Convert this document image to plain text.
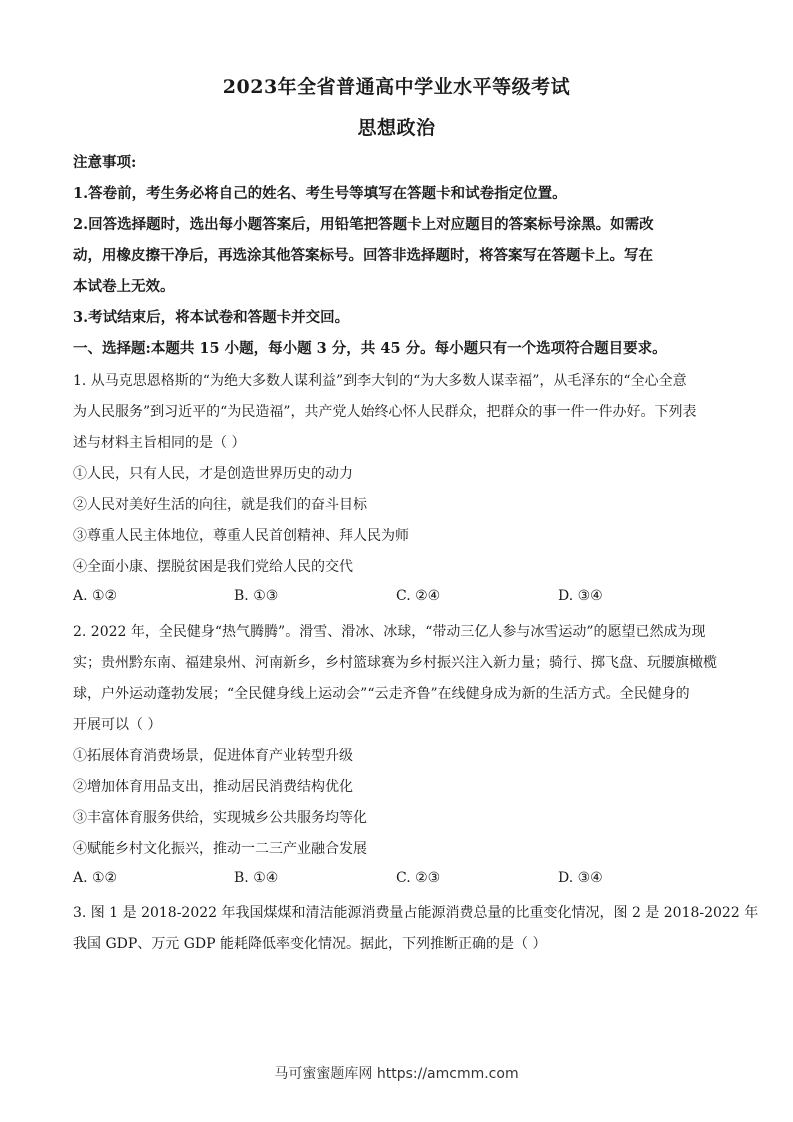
2023年全省普通高中学业水平等级考试
思想政治
注意事项:
1.答卷前，考生务必将自己的姓名、考生号等填写在答题卡和试卷指定位置。
2.回答选择题时，选出每小题答案后，用铅笔把答题卡上对应题目的答案标号涂黑。如需改
动，用橡皮擦干净后，再选涂其他答案标号。回答非选择题时，将答案写在答题卡上。写在
本试卷上无效。
3.考试结束后，将本试卷和答题卡并交回。
一、选择题:本题共 15 小题，每小题 3 分，共 45 分。每小题只有一个选项符合题目要求。
1. 从马克思恩格斯的“为绝大多数人谋利益”到李大钊的“为大多数人谋幸福”，从毛泽东的“全心全意
为人民服务”到习近平的“为民造福”，共产党人始终心怀人民群众，把群众的事一件一件办好。下列表
述与材料主旨相同的是（ ）
①人民，只有人民，才是创造世界历史的动力
②人民对美好生活的向往，就是我们的奋斗目标
③尊重人民主体地位，尊重人民首创精神、拜人民为师
④全面小康、摆脱贫困是我们党给人民的交代
A. ①②	B. ①③	C. ②④	D. ③④
2. 2022 年，全民健身“热气腾腾”。滑雪、滑冰、冰球，“带动三亿人参与冰雪运动”的愿望已然成为现
实；贵州黔东南、福建泉州、河南新乡，乡村篮球赛为乡村振兴注入新力量；骑行、掷飞盘、玩腰旗橄榄
球，户外运动蓬勃发展；“全民健身线上运动会”“云走齐鲁”在线健身成为新的生活方式。全民健身的
开展可以（ ）
①拓展体育消费场景，促进体育产业转型升级
②增加体育用品支出，推动居民消费结构优化
③丰富体育服务供给，实现城乡公共服务均等化
④赋能乡村文化振兴，推动一二三产业融合发展
A. ①②	B. ①④	C. ②③	D. ③④
3. 图 1 是 2018-2022 年我国煤煤和清洁能源消费量占能源消费总量的比重变化情况，图 2 是 2018-2022 年
我国 GDP、万元 GDP 能耗降低率变化情况。据此，下列推断正确的是（ ）
马可蜜蜜题库网 https://amcmm.com
